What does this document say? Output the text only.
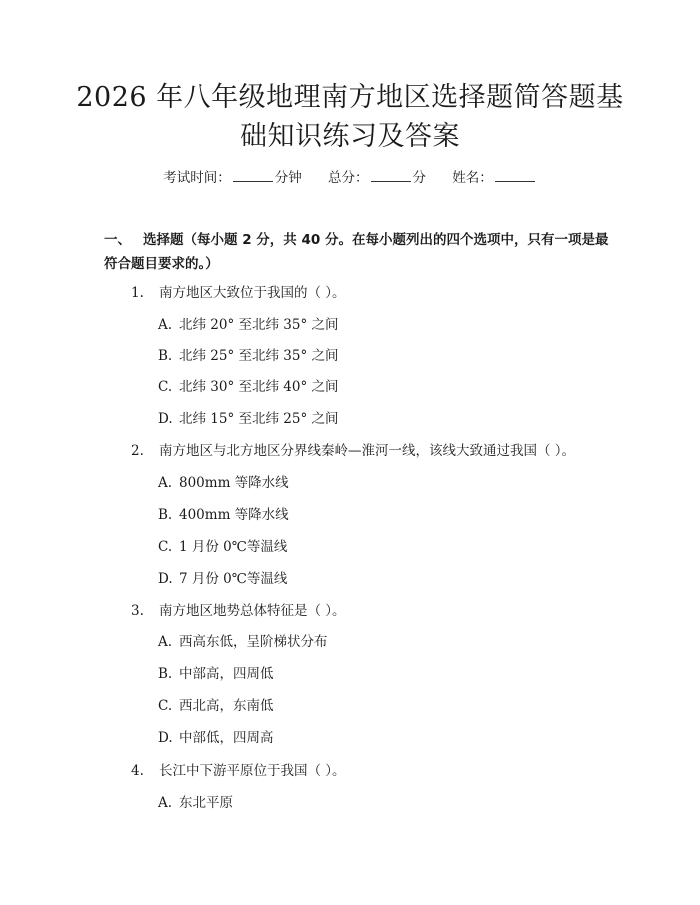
2026 年八年级地理南方地区选择题简答题基
础知识练习及答案
考试时间：	分钟 总分：	分 姓名：
一、 选择题（每小题 2 分，共 40 分。在每小题列出的四个选项中，只有一项是最符合题目要求的。）
1. 南方地区大致位于我国的（ ）。
A. 北纬 20° 至北纬 35° 之间
B. 北纬 25° 至北纬 35° 之间
C. 北纬 30° 至北纬 40° 之间
D. 北纬 15° 至北纬 25° 之间
2. 南方地区与北方地区分界线秦岭—淮河一线，该线大致通过我国（ ）。
A. 800mm 等降水线
B. 400mm 等降水线
C. 1 月份 0℃等温线
D. 7 月份 0℃等温线
3. 南方地区地势总体特征是（ ）。
A. 西高东低，呈阶梯状分布
B. 中部高，四周低
C. 西北高，东南低
D. 中部低，四周高
4. 长江中下游平原位于我国（ ）。
A. 东北平原
